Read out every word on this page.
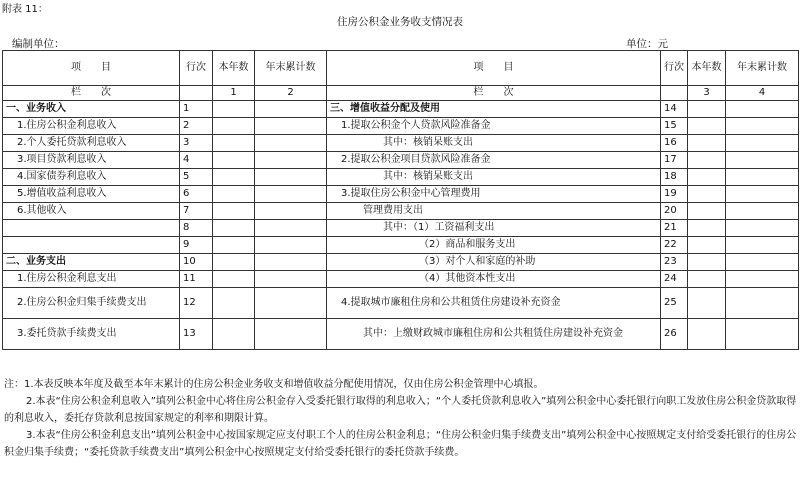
附表 11：
住房公积金业务收支情况表
编制单位：	单位：元
项　　目	行次	本年数	年末累计数	项　　目	行次	本年数	年末累计数
栏　　次		1	2	栏　　次		3	4
一、业务收入	1			三、增值收益分配及使用	14		
1.住房公积金利息收入	2			1.提取公积金个人贷款风险准备金	15		
2.个人委托贷款利息收入	3			其中：核销呆账支出	16		
3.项目贷款利息收入	4			2.提取公积金项目贷款风险准备金	17		
4.国家债券利息收入	5			其中：核销呆账支出	18		
5.增值收益利息收入	6			3.提取住房公积金中心管理费用	19		
6.其他收入	7			管理费用支出	20		
	8			其中：（1）工资福利支出	21		
	9			（2）商品和服务支出	22		
二、业务支出	10			（3）对个人和家庭的补助	23		
1.住房公积金利息支出	11			（4）其他资本性支出	24		
2.住房公积金归集手续费支出	12			4.提取城市廉租住房和公共租赁住房建设补充资金	25		
3.委托贷款手续费支出	13			其中：上缴财政城市廉租住房和公共租赁住房建设补充资金	26		

注：1.本表反映本年度及截至本年末累计的住房公积金业务收支和增值收益分配使用情况，仅由住房公积金管理中心填报。

2.本表“住房公积金利息收入”填列公积金中心将住房公积金存入受委托银行取得的利息收入；“个人委托贷款利息收入”填列公积金中心委托银行向职工发放住房公积金贷款取得的利息收入，委托存贷款利息按国家规定的利率和期限计算。

3.本表“住房公积金利息支出”填列公积金中心按国家规定应支付职工个人的住房公积金利息；“住房公积金归集手续费支出”填列公积金中心按照规定支付给受委托银行的住房公积金归集手续费；“委托贷款手续费支出”填列公积金中心按照规定支付给受委托银行的委托贷款手续费。
